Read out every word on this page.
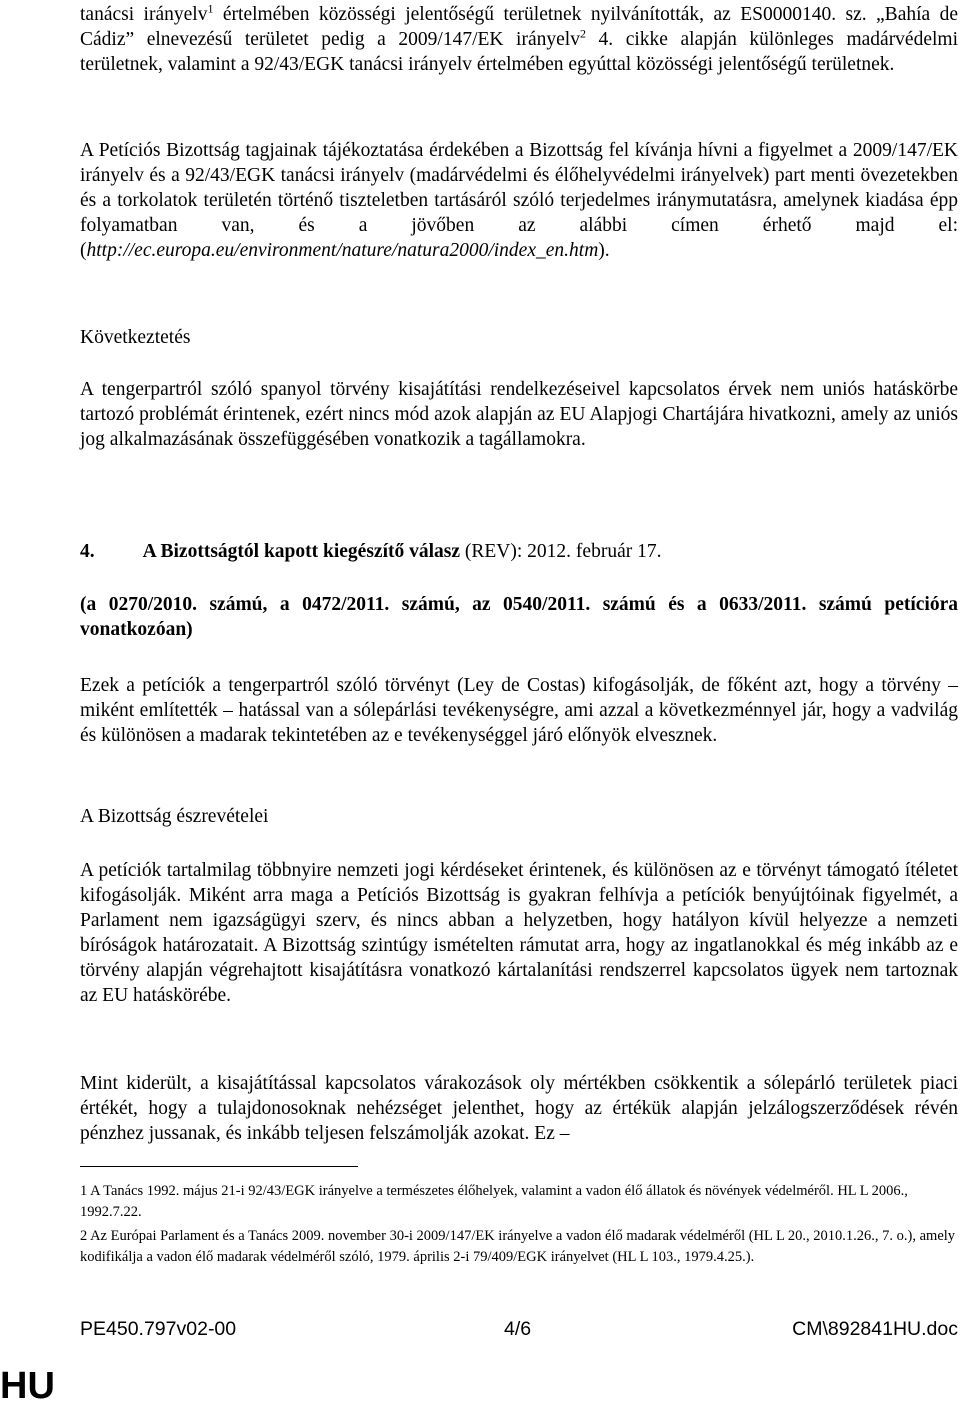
tanácsi irányelv$^1$ értelmében közösségi jelentőségű területnek nyilvánították, az ES0000140. sz. „Bahía de Cádiz” elnevezésű területet pedig a 2009/147/EK irányelv$^2$ 4. cikke alapján különleges madárvédelmi területnek, valamint a 92/43/EGK tanácsi irányelv értelmében egyúttal közösségi jelentőségű területnek.

A Petíciós Bizottság tagjainak tájékoztatása érdekében a Bizottság fel kívánja hívni a figyelmet a 2009/147/EK irányelv és a 92/43/EGK tanácsi irányelv (madárvédelmi és élőhelyvédelmi irányelvek) part menti övezetekben és a torkolatok területén történő tiszteletben tartásáról szóló terjedelmes iránymutatásra, amelynek kiadása épp folyamatban van, és a jövőben az alábbi címen érhető majd el: (http://ec.europa.eu/environment/nature/natura2000/index_en.htm).

Következtetés

A tengerpartról szóló spanyol törvény kisajátítási rendelkezéseivel kapcsolatos érvek nem uniós hatáskörbe tartozó problémát érintenek, ezért nincs mód azok alapján az EU Alapjogi Chartájára hivatkozni, amely az uniós jog alkalmazásának összefüggésében vonatkozik a tagállamokra.

4. A Bizottságtól kapott kiegészítő válasz (REV): 2012. február 17.

(a 0270/2010. számú, a 0472/2011. számú, az 0540/2011. számú és a 0633/2011. számú petícióra vonatkozóan)

Ezek a petíciók a tengerpartról szóló törvényt (Ley de Costas) kifogásolják, de főként azt, hogy a törvény – miként említették – hatással van a sólepárlási tevékenységre, ami azzal a következménnyel jár, hogy a vadvilág és különösen a madarak tekintetében az e tevékenységgel járó előnyök elvesznek.

A Bizottság észrevételei

A petíciók tartalmilag többnyire nemzeti jogi kérdéseket érintenek, és különösen az e törvényt támogató ítéletet kifogásolják. Miként arra maga a Petíciós Bizottság is gyakran felhívja a petíciók benyújtóinak figyelmét, a Parlament nem igazságügyi szerv, és nincs abban a helyzetben, hogy hatályon kívül helyezze a nemzeti bíróságok határozatait. A Bizottság szintúgy ismételten rámutat arra, hogy az ingatlanokkal és még inkább az e törvény alapján végrehajtott kisajátításra vonatkozó kártalanítási rendszerrel kapcsolatos ügyek nem tartoznak az EU hatáskörébe.

Mint kiderült, a kisajátítással kapcsolatos várakozások oly mértékben csökkentik a sólepárló területek piaci értékét, hogy a tulajdonosoknak nehézséget jelenthet, hogy az értékük alapján jelzálogszerződések révén pénzhez jussanak, és inkább teljesen felszámolják azokat. Ez –

1 A Tanács 1992. május 21-i 92/43/EGK irányelve a természetes élőhelyek, valamint a vadon élő állatok és növények védelméről. HL L 2006., 1992.7.22.

2 Az Európai Parlament és a Tanács 2009. november 30-i 2009/147/EK irányelve a vadon élő madarak védelméről (HL L 20., 2010.1.26., 7. o.), amely kodifikálja a vadon élő madarak védelméről szóló, 1979. április 2-i 79/409/EGK irányelvet (HL L 103., 1979.4.25.).

PE450.797v02-00	4/6	CM\892841HU.doc
HU
